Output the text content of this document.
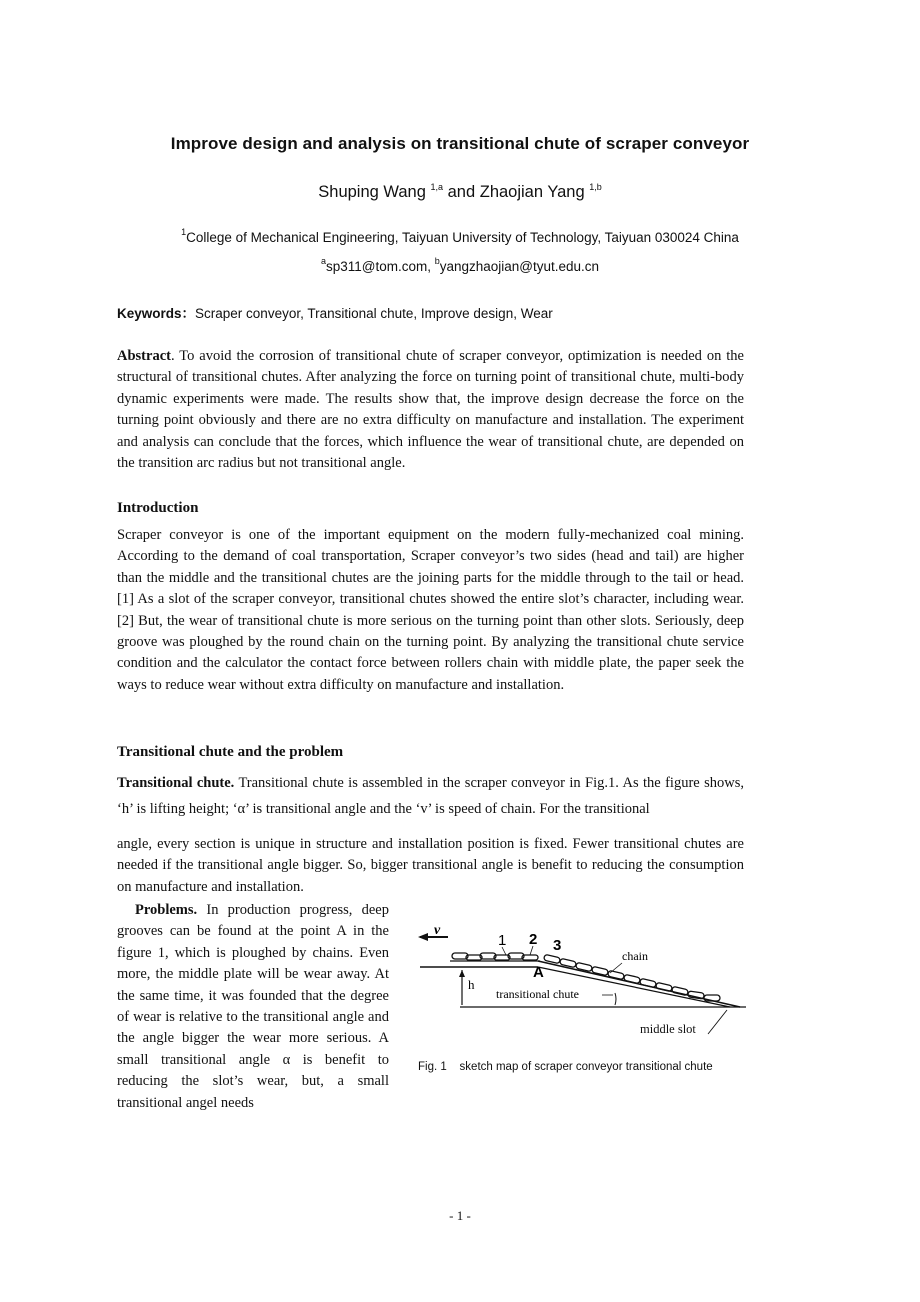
Improve design and analysis on transitional chute of scraper conveyor
Shuping Wang $^{1,a}$ and Zhaojian Yang $^{1,b}$
$^1$College of Mechanical Engineering, Taiyuan University of Technology, Taiyuan 030024 China
$^a$sp311@tom.com, $^b$yangzhaojian@tyut.edu.cn
Keywords：Scraper conveyor, Transitional chute, Improve design, Wear

Abstract. To avoid the corrosion of transitional chute of scraper conveyor, optimization is needed on the structural of transitional chutes. After analyzing the force on turning point of transitional chute, multi-body dynamic experiments were made. The results show that, the improve design decrease the force on the turning point obviously and there are no extra difficulty on manufacture and installation. The experiment and analysis can conclude that the forces, which influence the wear of transitional chute, are depended on the transition arc radius but not transitional angle.

Introduction

Scraper conveyor is one of the important equipment on the modern fully-mechanized coal mining. According to the demand of coal transportation, Scraper conveyor’s two sides (head and tail) are higher than the middle and the transitional chutes are the joining parts for the middle through to the tail or head. [1] As a slot of the scraper conveyor, transitional chutes showed the entire slot’s character, including wear. [2] But, the wear of transitional chute is more serious on the turning point than other slots. Seriously, deep groove was ploughed by the round chain on the turning point. By analyzing the transitional chute service condition and the calculator the contact force between rollers chain with middle plate, the paper seek the ways to reduce wear without extra difficulty on manufacture and installation.

Transitional chute and the problem

Transitional chute. Transitional chute is assembled in the scraper conveyor in Fig.1. As the figure shows, ‘h’ is lifting height; ‘α’ is transitional angle and the ‘v’ is speed of chain. For the transitional

angle, every section is unique in structure and installation position is fixed. Fewer transitional chutes are needed if the transitional angle bigger. So, bigger transitional angle is benefit to reducing the consumption on manufacture and installation.

Problems. In production progress, deep grooves can be found at the point A in the figure 1, which is ploughed by chains. Even more, the middle plate will be wear away. At the same time, it was founded that the degree of wear is relative to the transitional angle and the angle bigger the wear more serious. A small transitional angle α is benefit to reducing the slot’s wear, but, a small transitional angel needs

v
h
1 2 3
A
chain
transitional chute
middle slot
Fig. 1 sketch map of scraper conveyor transitional chute
- 1 -
